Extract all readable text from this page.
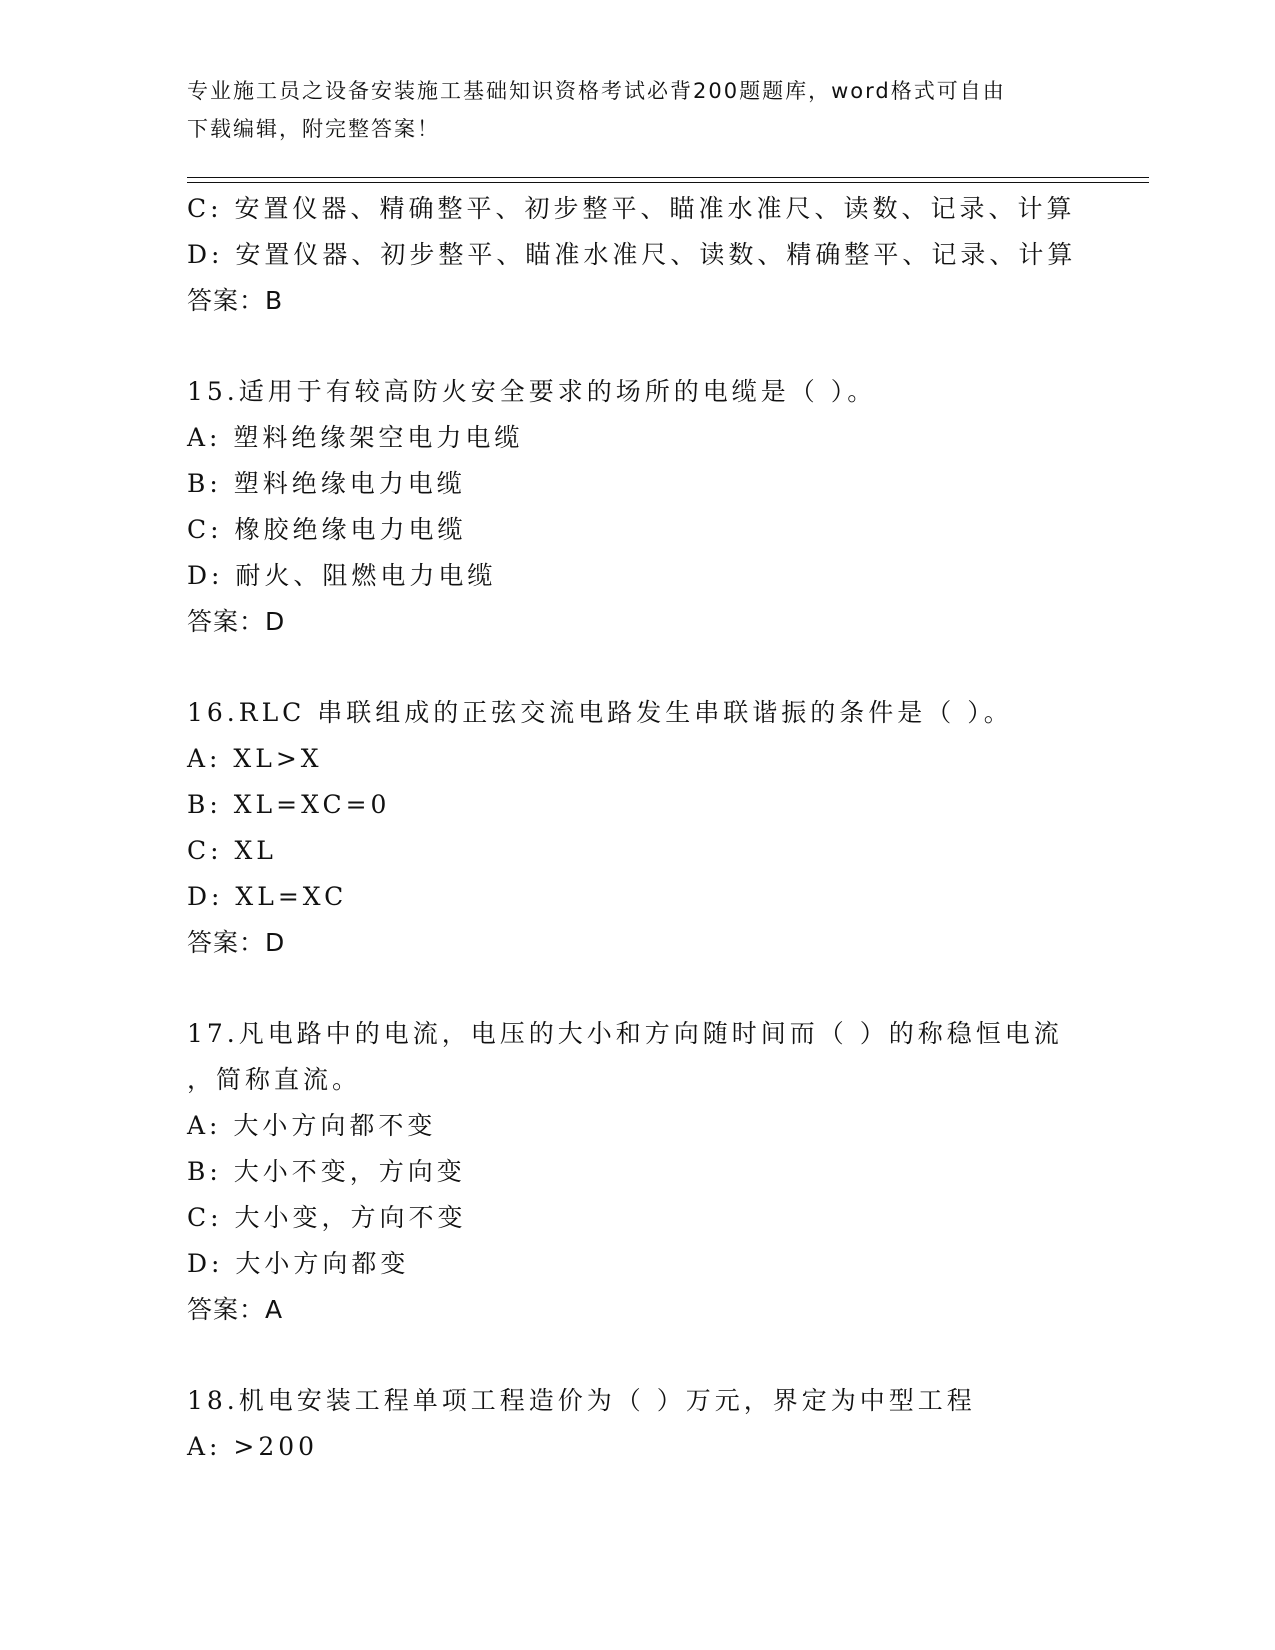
专业施工员之设备安装施工基础知识资格考试必背200题题库，word格式可自由
下载编辑，附完整答案！
C: 安置仪器、精确整平、初步整平、瞄准水准尺、读数、记录、计算
D: 安置仪器、初步整平、瞄准水准尺、读数、精确整平、记录、计算
答案：B
15.适用于有较高防火安全要求的场所的电缆是（ ）。
A: 塑料绝缘架空电力电缆
B: 塑料绝缘电力电缆
C: 橡胶绝缘电力电缆
D: 耐火、阻燃电力电缆
答案：D
16.RLC 串联组成的正弦交流电路发生串联谐振的条件是（ ）。
A: XL>X
B: XL=XC=0
C: XL
D: XL=XC
答案：D
17.凡电路中的电流，电压的大小和方向随时间而（ ）的称稳恒电流
，简称直流。
A: 大小方向都不变
B: 大小不变，方向变
C: 大小变，方向不变
D: 大小方向都变
答案：A
18.机电安装工程单项工程造价为（ ）万元，界定为中型工程
A: >200
